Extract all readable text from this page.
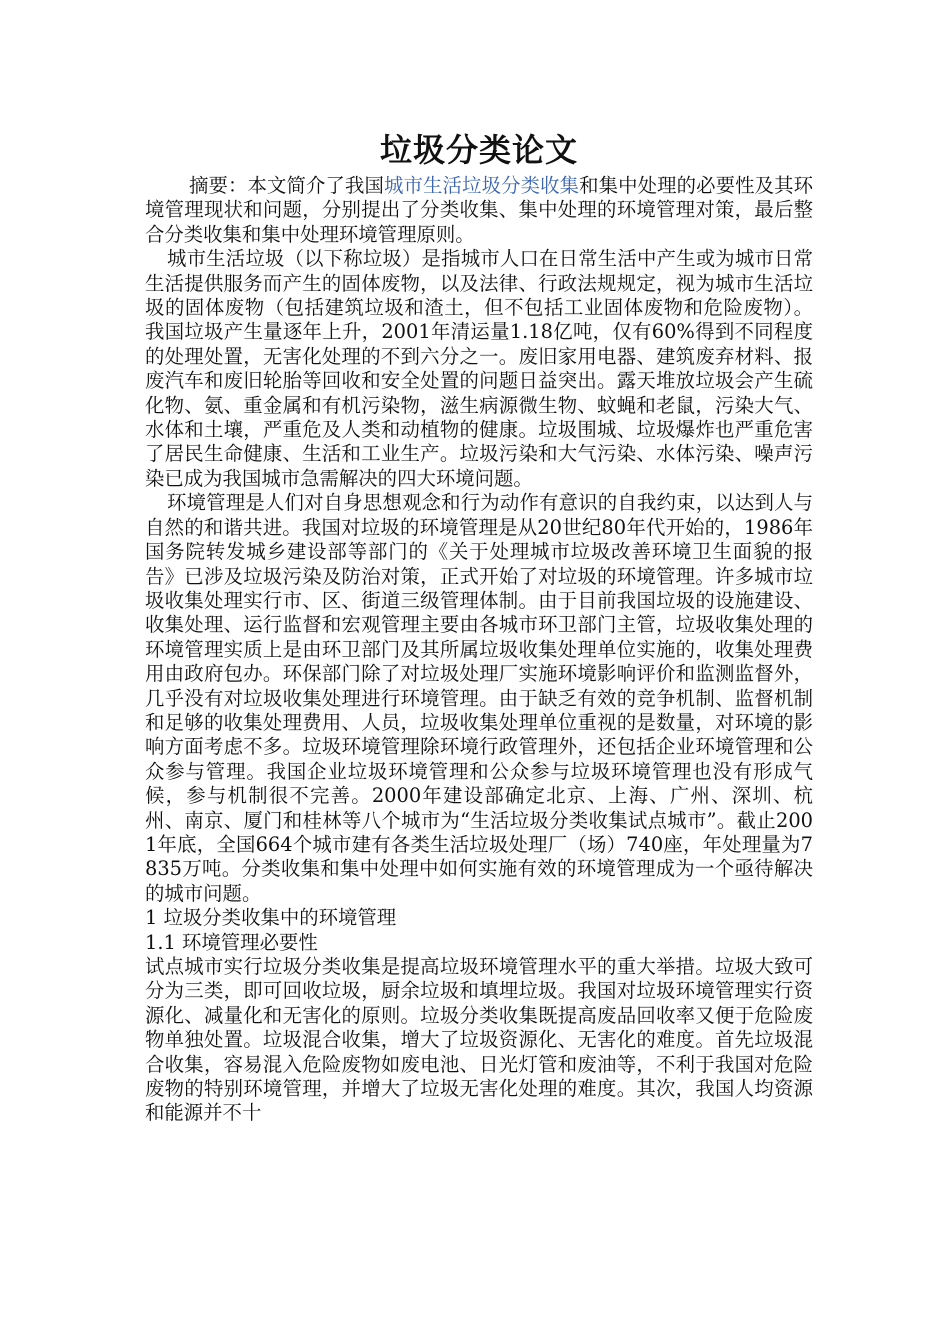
垃圾分类论文

摘要：本文简介了我国城市生活垃圾分类收集和集中处理的必要性及其环境管理现状和问题，分别提出了分类收集、集中处理的环境管理对策，最后整合分类收集和集中处理环境管理原则。

城市生活垃圾（以下称垃圾）是指城市人口在日常生活中产生或为城市日常生活提供服务而产生的固体废物，以及法律、行政法规规定，视为城市生活垃圾的固体废物（包括建筑垃圾和渣土，但不包括工业固体废物和危险废物）。我国垃圾产生量逐年上升，2001年清运量1.18亿吨，仅有60%得到不同程度的处理处置，无害化处理的不到六分之一。废旧家用电器、建筑废弃材料、报废汽车和废旧轮胎等回收和安全处置的问题日益突出。露天堆放垃圾会产生硫化物、氨、重金属和有机污染物，滋生病源微生物、蚊蝇和老鼠，污染大气、水体和土壤，严重危及人类和动植物的健康。垃圾围城、垃圾爆炸也严重危害了居民生命健康、生活和工业生产。垃圾污染和大气污染、水体污染、噪声污染已成为我国城市急需解决的四大环境问题。

环境管理是人们对自身思想观念和行为动作有意识的自我约束，以达到人与自然的和谐共进。我国对垃圾的环境管理是从20世纪80年代开始的，1986年国务院转发城乡建设部等部门的《关于处理城市垃圾改善环境卫生面貌的报告》已涉及垃圾污染及防治对策，正式开始了对垃圾的环境管理。许多城市垃圾收集处理实行市、区、街道三级管理体制。由于目前我国垃圾的设施建设、收集处理、运行监督和宏观管理主要由各城市环卫部门主管，垃圾收集处理的环境管理实质上是由环卫部门及其所属垃圾收集处理单位实施的，收集处理费用由政府包办。环保部门除了对垃圾处理厂实施环境影响评价和监测监督外，几乎没有对垃圾收集处理进行环境管理。由于缺乏有效的竞争机制、监督机制和足够的收集处理费用、人员，垃圾收集处理单位重视的是数量，对环境的影响方面考虑不多。垃圾环境管理除环境行政管理外，还包括企业环境管理和公众参与管理。我国企业垃圾环境管理和公众参与垃圾环境管理也没有形成气候，参与机制很不完善。2000年建设部确定北京、上海、广州、深圳、杭州、南京、厦门和桂林等八个城市为“生活垃圾分类收集试点城市”。截止2001年底，全国664个城市建有各类生活垃圾处理厂（场）740座，年处理量为7835万吨。分类收集和集中处理中如何实施有效的环境管理成为一个亟待解决的城市问题。

1 垃圾分类收集中的环境管理

1.1 环境管理必要性

试点城市实行垃圾分类收集是提高垃圾环境管理水平的重大举措。垃圾大致可分为三类，即可回收垃圾，厨余垃圾和填埋垃圾。我国对垃圾环境管理实行资源化、减量化和无害化的原则。垃圾分类收集既提高废品回收率又便于危险废物单独处置。垃圾混合收集，增大了垃圾资源化、无害化的难度。首先垃圾混合收集，容易混入危险废物如废电池、日光灯管和废油等，不利于我国对危险废物的特别环境管理，并增大了垃圾无害化处理的难度。其次，我国人均资源和能源并不十
